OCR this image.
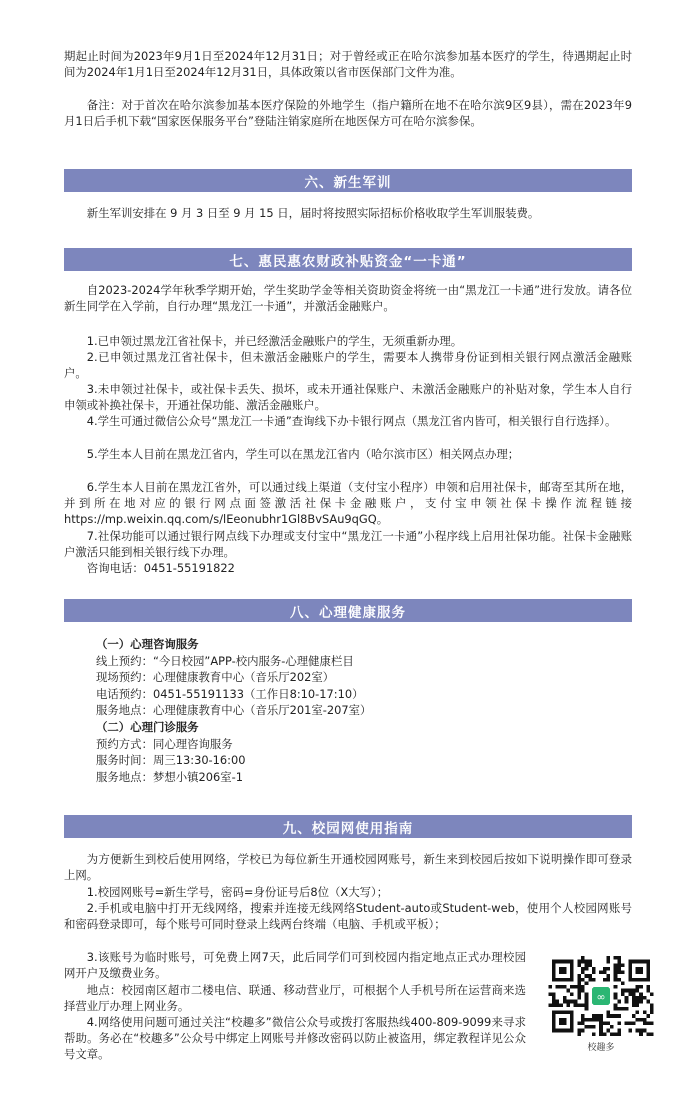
期起止时间为2023年9月1日至2024年12月31日；对于曾经或正在哈尔滨参加基本医疗的学生，待遇期起止时间为2024年1月1日至2024年12月31日，具体政策以省市医保部门文件为准。

备注：对于首次在哈尔滨参加基本医疗保险的外地学生（指户籍所在地不在哈尔滨9区9县），需在2023年9月1日后手机下载“国家医保服务平台”登陆注销家庭所在地医保方可在哈尔滨参保。

六、新生军训

新生军训安排在 9 月 3 日至 9 月 15 日，届时将按照实际招标价格收取学生军训服装费。

七、惠民惠农财政补贴资金“一卡通”

自2023-2024学年秋季学期开始，学生奖助学金等相关资助资金将统一由“黑龙江一卡通”进行发放。请各位新生同学在入学前，自行办理“黑龙江一卡通”，并激活金融账户。

1.已申领过黑龙江省社保卡，并已经激活金融账户的学生，无须重新办理。

2.已申领过黑龙江省社保卡，但未激活金融账户的学生，需要本人携带身份证到相关银行网点激活金融账户。

3.未申领过社保卡，或社保卡丢失、损坏，或未开通社保账户、未激活金融账户的补贴对象，学生本人自行申领或补换社保卡，开通社保功能、激活金融账户。

4.学生可通过微信公众号“黑龙江一卡通”查询线下办卡银行网点（黑龙江省内皆可，相关银行自行选择）。

5.学生本人目前在黑龙江省内，学生可以在黑龙江省内（哈尔滨市区）相关网点办理；

6.学生本人目前在黑龙江省外，可以通过线上渠道（支付宝小程序）申领和启用社保卡，邮寄至其所在地，并到所在地对应的银行网点面签激活社保卡金融账户，支付宝申领社保卡操作流程链接https://mp.weixin.qq.com/s/lEeonubhr1Gl8BvSAu9qGQ。

7.社保功能可以通过银行网点线下办理或支付宝中“黑龙江一卡通”小程序线上启用社保功能。社保卡金融账户激活只能到相关银行线下办理。

咨询电话：0451-55191822

八、心理健康服务
（一）心理咨询服务
线上预约：“今日校园”APP-校内服务-心理健康栏目
现场预约：心理健康教育中心（音乐厅202室）
电话预约：0451-55191133（工作日8:10-17:10）
服务地点：心理健康教育中心（音乐厅201室-207室）
（二）心理门诊服务
预约方式：同心理咨询服务
服务时间：周三13:30-16:00
服务地点：梦想小镇206室-1
九、校园网使用指南

为方便新生到校后使用网络，学校已为每位新生开通校园网账号，新生来到校园后按如下说明操作即可登录上网。

1.校园网账号=新生学号，密码=身份证号后8位（X大写）；

2.手机或电脑中打开无线网络，搜索并连接无线网络Student-auto或Student-web，使用个人校园网账号和密码登录即可，每个账号可同时登录上线两台终端（电脑、手机或平板）；

3.该账号为临时账号，可免费上网7天，此后同学们可到校园内指定地点正式办理校园网开户及缴费业务。

地点：校园南区超市二楼电信、联通、移动营业厅，可根据个人手机号所在运营商来选择营业厅办理上网业务。

4.网络使用问题可通过关注“校趣多”微信公众号或拨打客服热线400-809-9099来寻求帮助。务必在“校趣多”公众号中绑定上网账号并修改密码以防止被盗用，绑定教程详见公众号文章。

∞
校趣多
